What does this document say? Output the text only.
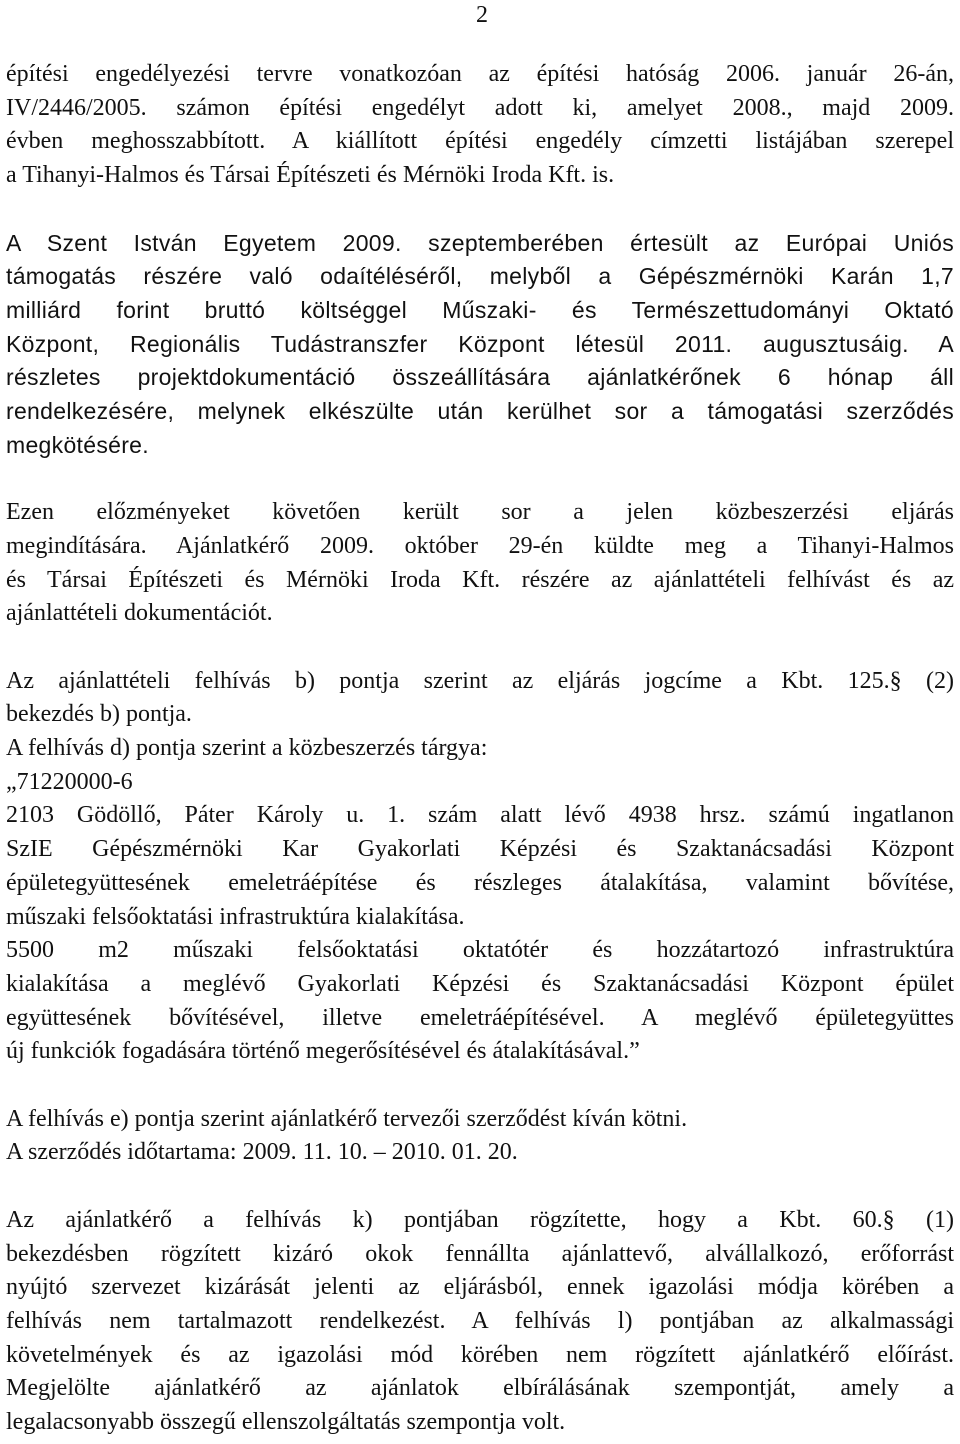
2

építési engedélyezési tervre vonatkozóan az építési hatóság 2006. január 26-án,
IV/2446/2005. számon építési engedélyt adott ki, amelyet 2008., majd 2009.
évben meghosszabbított. A kiállított építési engedély címzetti listájában szerepel
a Tihanyi-Halmos és Társai Építészeti és Mérnöki Iroda Kft. is.

A Szent István Egyetem 2009. szeptemberében értesült az Európai Uniós
támogatás részére való odaítéléséről, melyből a Gépészmérnöki Karán 1,7
milliárd forint bruttó költséggel Műszaki- és Természettudományi Oktató
Központ, Regionális Tudástranszfer Központ létesül 2011. augusztusáig. A
részletes projektdokumentáció összeállítására ajánlatkérőnek 6 hónap áll
rendelkezésére, melynek elkészülte után kerülhet sor a támogatási szerződés
megkötésére.

Ezen előzményeket követően került sor a jelen közbeszerzési eljárás
megindítására. Ajánlatkérő 2009. október 29-én küldte meg a Tihanyi-Halmos
és Társai Építészeti és Mérnöki Iroda Kft. részére az ajánlattételi felhívást és az
ajánlattételi dokumentációt.

Az ajánlattételi felhívás b) pontja szerint az eljárás jogcíme a Kbt. 125.§ (2)
bekezdés b) pontja.
A felhívás d) pontja szerint a közbeszerzés tárgya:
„71220000-6
2103 Gödöllő, Páter Károly u. 1. szám alatt lévő 4938 hrsz. számú ingatlanon
SzIE Gépészmérnöki Kar Gyakorlati Képzési és Szaktanácsadási Központ
épületegyüttesének emeletráépítése és részleges átalakítása, valamint bővítése,
műszaki felsőoktatási infrastruktúra kialakítása.
5500 m2 műszaki felsőoktatási oktatótér és hozzátartozó infrastruktúra
kialakítása a meglévő Gyakorlati Képzési és Szaktanácsadási Központ épület
együttesének bővítésével, illetve emeletráépítésével. A meglévő épületegyüttes
új funkciók fogadására történő megerősítésével és átalakításával.”

A felhívás e) pontja szerint ajánlatkérő tervezői szerződést kíván kötni.
A szerződés időtartama: 2009. 11. 10. – 2010. 01. 20.

Az ajánlatkérő a felhívás k) pontjában rögzítette, hogy a Kbt. 60.§ (1)
bekezdésben rögzített kizáró okok fennállta ajánlattevő, alvállalkozó, erőforrást
nyújtó szervezet kizárását jelenti az eljárásból, ennek igazolási módja körében a
felhívás nem tartalmazott rendelkezést. A felhívás l) pontjában az alkalmassági
követelmények és az igazolási mód körében nem rögzített ajánlatkérő előírást.
Megjelölte ajánlatkérő az ajánlatok elbírálásának szempontját, amely a
legalacsonyabb összegű ellenszolgáltatás szempontja volt.
